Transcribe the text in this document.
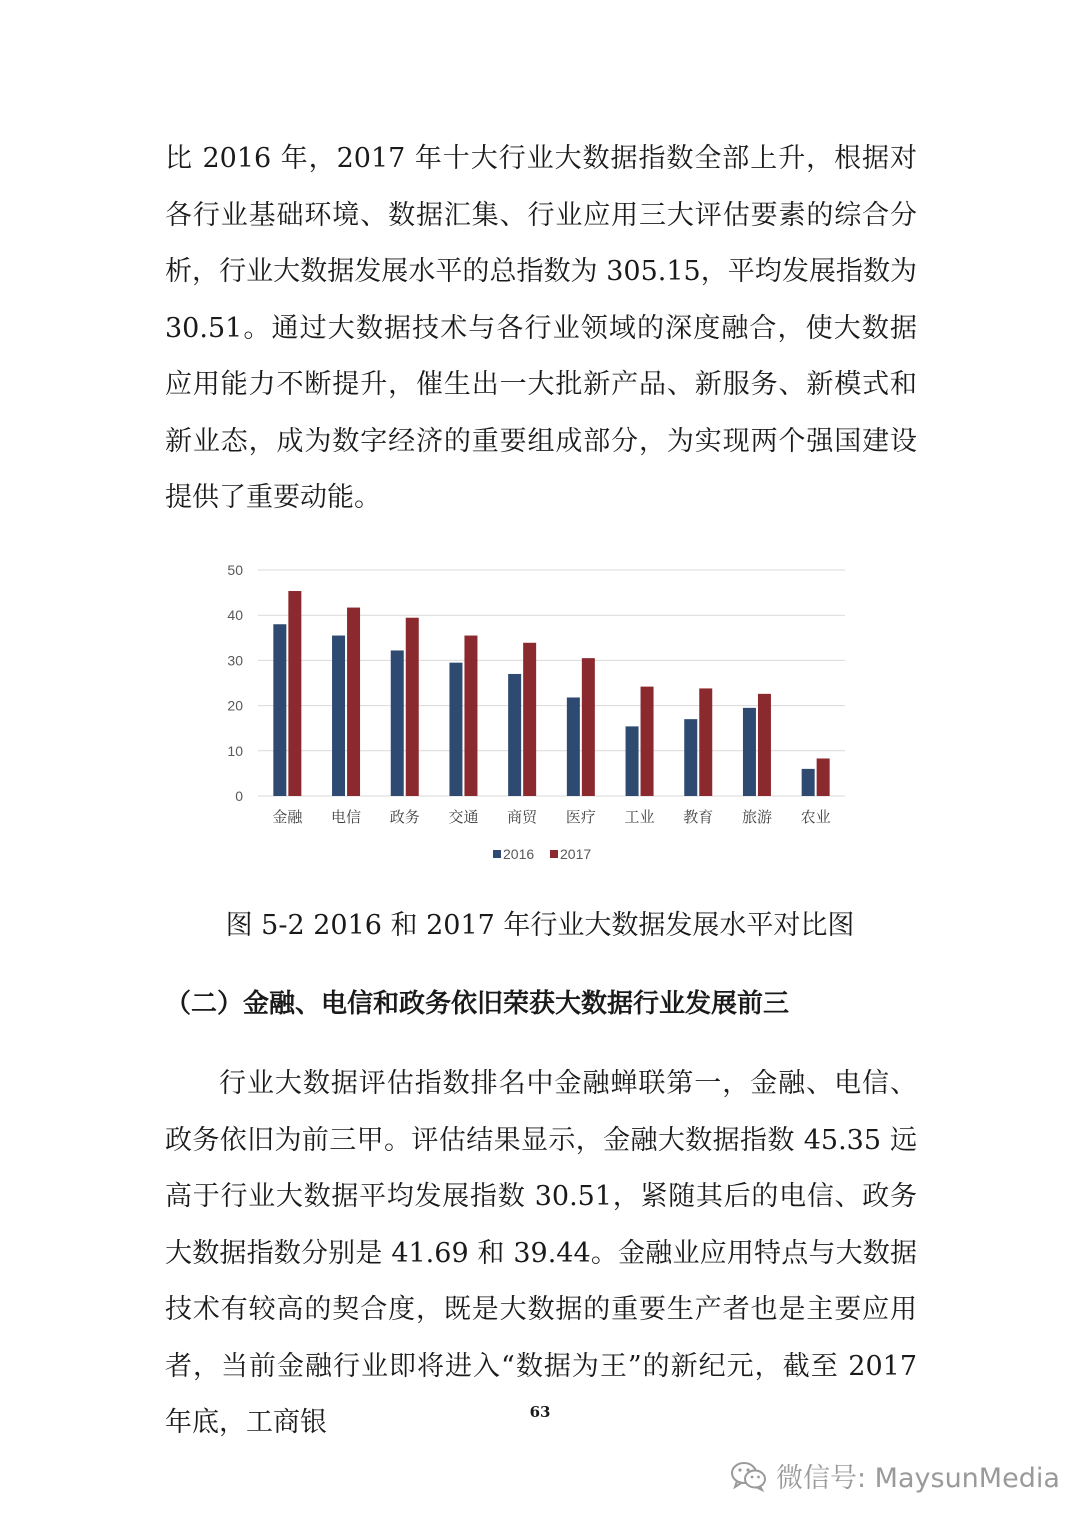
比 2016 年，2017 年十大行业大数据指数全部上升，根据对各行业基础环境、数据汇集、行业应用三大评估要素的综合分析，行业大数据发展水平的总指数为 305.15，平均发展指数为 30.51。通过大数据技术与各行业领域的深度融合，使大数据应用能力不断提升，催生出一大批新产品、新服务、新模式和新业态，成为数字经济的重要组成部分，为实现两个强国建设提供了重要动能。

0
10
20
30
40
50
金融 电信 政务 交通 商贸 医疗 工业 教育 旅游 农业
2016 2017

图 5-2 2016 和 2017 年行业大数据发展水平对比图

（二）金融、电信和政务依旧荣获大数据行业发展前三

行业大数据评估指数排名中金融蝉联第一，金融、电信、政务依旧为前三甲。评估结果显示，金融大数据指数 45.35 远高于行业大数据平均发展指数 30.51，紧随其后的电信、政务大数据指数分别是 41.69 和 39.44。金融业应用特点与大数据技术有较高的契合度，既是大数据的重要生产者也是主要应用者，当前金融行业即将进入“数据为王”的新纪元，截至 2017 年底，工商银	63
微信号: MaysunMedia
